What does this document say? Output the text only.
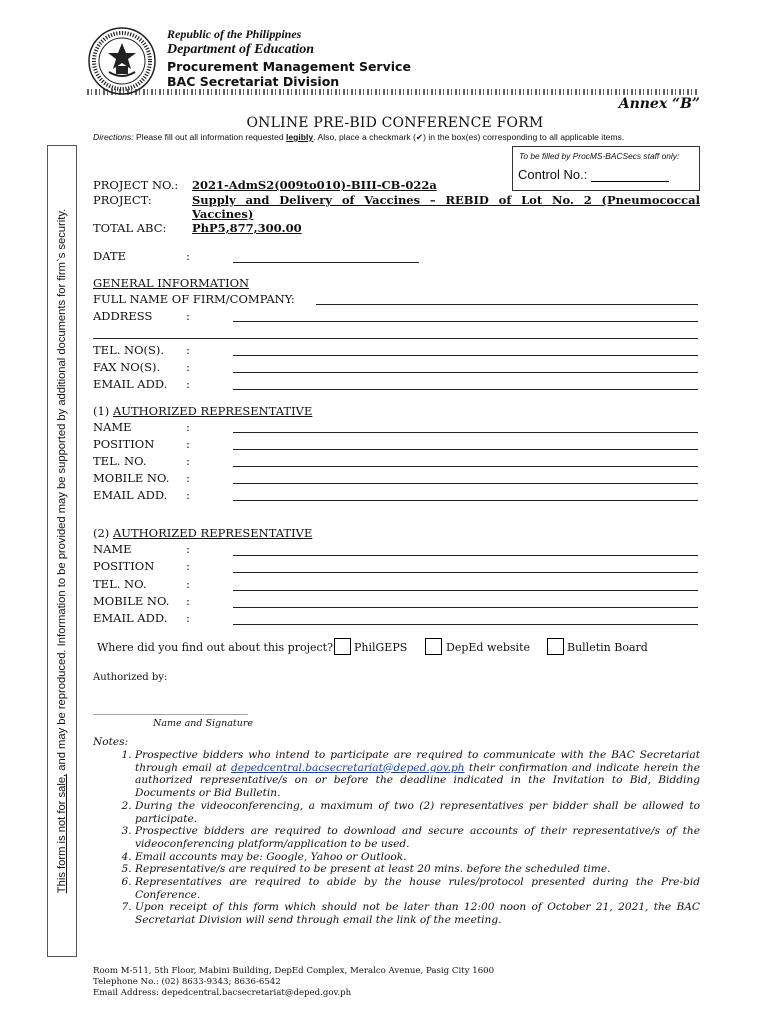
This form is not for sale, and may be reproduced. Information to be provided may be supported by additional documents for firm`s security.
Republic of the Philippines
Department of Education
Procurement Management Service
BAC Secretariat Division
Annex “B”
ONLINE PRE-BID CONFERENCE FORM
Directions: Please fill out all information requested legibly. Also, place a checkmark (✔) in the box(es) corresponding to all applicable items.
To be filled by ProcMS-BACSecs staff only:
Control No.:
PROJECT NO.: 2021-AdmS2(009to010)-BIII-CB-022a
PROJECT:	Supply and Delivery of Vaccines – REBID of Lot No. 2 (Pneumococcal Vaccines)
TOTAL ABC: PhP5,877,300.00
DATE	:
GENERAL INFORMATION
FULL NAME OF FIRM/COMPANY:
ADDRESS	:
TEL. NO(S). :
FAX NO(S). :
EMAIL ADD. :
(1) AUTHORIZED REPRESENTATIVE
NAME	:
POSITION	:
TEL. NO.	:
MOBILE NO. :
EMAIL ADD. :
(2) AUTHORIZED REPRESENTATIVE
NAME	:
POSITION	:
TEL. NO.	:
MOBILE NO. :
EMAIL ADD. :
Where did you find out about this project? PhilGEPS	DepEd website	Bulletin Board
Authorized by:
_______________________________
Name and Signature
Notes:
1. Prospective bidders who intend to participate are required to communicate with the BAC Secretariat through email at depedcentral.bacsecretariat@deped.gov.ph their confirmation and indicate herein the authorized representative/s on or before the deadline indicated in the Invitation to Bid, Bidding Documents or Bid Bulletin.
2. During the videoconferencing, a maximum of two (2) representatives per bidder shall be allowed to participate.
3. Prospective bidders are required to download and secure accounts of their representative/s of the videoconferencing platform/application to be used.
4. Email accounts may be: Google, Yahoo or Outlook.
5. Representative/s are required to be present at least 20 mins. before the scheduled time.
6. Representatives are required to abide by the house rules/protocol presented during the Pre-bid Conference.
7. Upon receipt of this form which should not be later than 12:00 noon of October 21, 2021, the BAC Secretariat Division will send through email the link of the meeting.
Room M-511, 5th Floor, Mabini Building, DepEd Complex, Meralco Avenue, Pasig City 1600
Telephone No.: (02) 8633-9343; 8636-6542
Email Address: depedcentral.bacsecretariat@deped.gov.ph
